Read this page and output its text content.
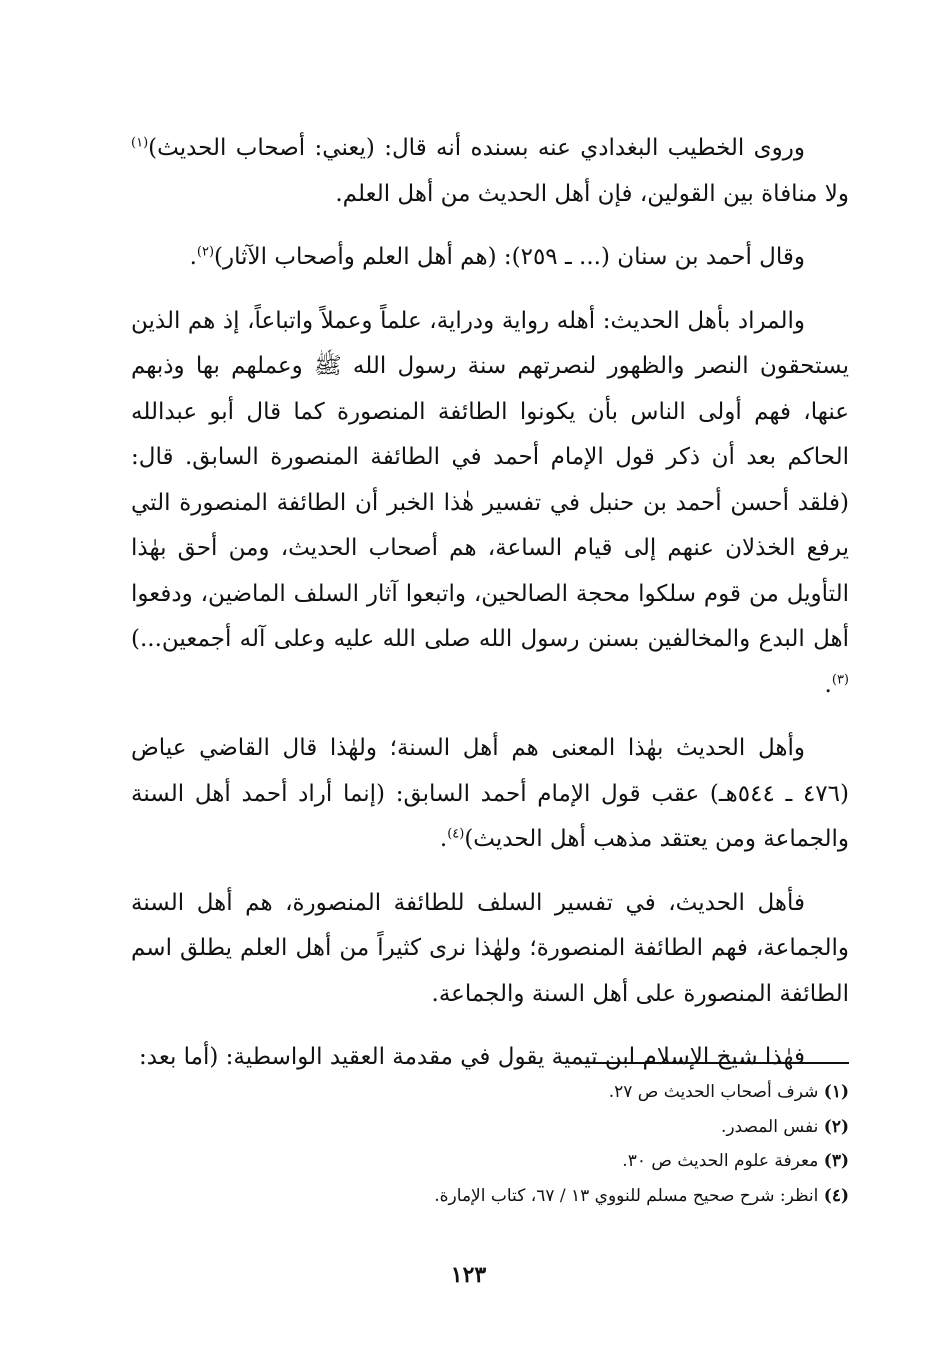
وروى الخطيب البغدادي عنه بسنده أنه قال: (يعني: أصحاب الحديث)$^{(١)}$ ولا منافاة بين القولين، فإن أهل الحديث من أهل العلم.

وقال أحمد بن سنان (... ـ ٢٥٩): (هم أهل العلم وأصحاب الآثار)$^{(٢)}$.

والمراد بأهل الحديث: أهله رواية ودراية، علماً وعملاً واتباعاً، إذ هم الذين يستحقون النصر والظهور لنصرتهم سنة رسول الله ﷺ وعملهم بها وذبهم عنها، فهم أولى الناس بأن يكونوا الطائفة المنصورة كما قال أبو عبدالله الحاكم بعد أن ذكر قول الإمام أحمد في الطائفة المنصورة السابق. قال: (فلقد أحسن أحمد بن حنبل في تفسير هٰذا الخبر أن الطائفة المنصورة التي يرفع الخذلان عنهم إلى قيام الساعة، هم أصحاب الحديث، ومن أحق بهٰذا التأويل من قوم سلكوا محجة الصالحين، واتبعوا آثار السلف الماضين، ودفعوا أهل البدع والمخالفين بسنن رسول الله صلى الله عليه وعلى آله أجمعين...)$^{(٣)}$.

وأهل الحديث بهٰذا المعنى هم أهل السنة؛ ولهٰذا قال القاضي عياض (٤٧٦ ـ ٥٤٤هـ) عقب قول الإمام أحمد السابق: (إنما أراد أحمد أهل السنة والجماعة ومن يعتقد مذهب أهل الحديث)$^{(٤)}$.

فأهل الحديث، في تفسير السلف للطائفة المنصورة، هم أهل السنة والجماعة، فهم الطائفة المنصورة؛ ولهٰذا نرى كثيراً من أهل العلم يطلق اسم الطائفة المنصورة على أهل السنة والجماعة.

فهٰذا شيخ الإسلام ابن تيمية يقول في مقدمة العقيد الواسطية: (أما بعد:

(١) شرف أصحاب الحديث ص ٢٧.

(٢) نفس المصدر.

(٣) معرفة علوم الحديث ص ٣٠.

(٤) انظر: شرح صحيح مسلم للنووي ١٣ / ٦٧، كتاب الإمارة.

١٢٣
